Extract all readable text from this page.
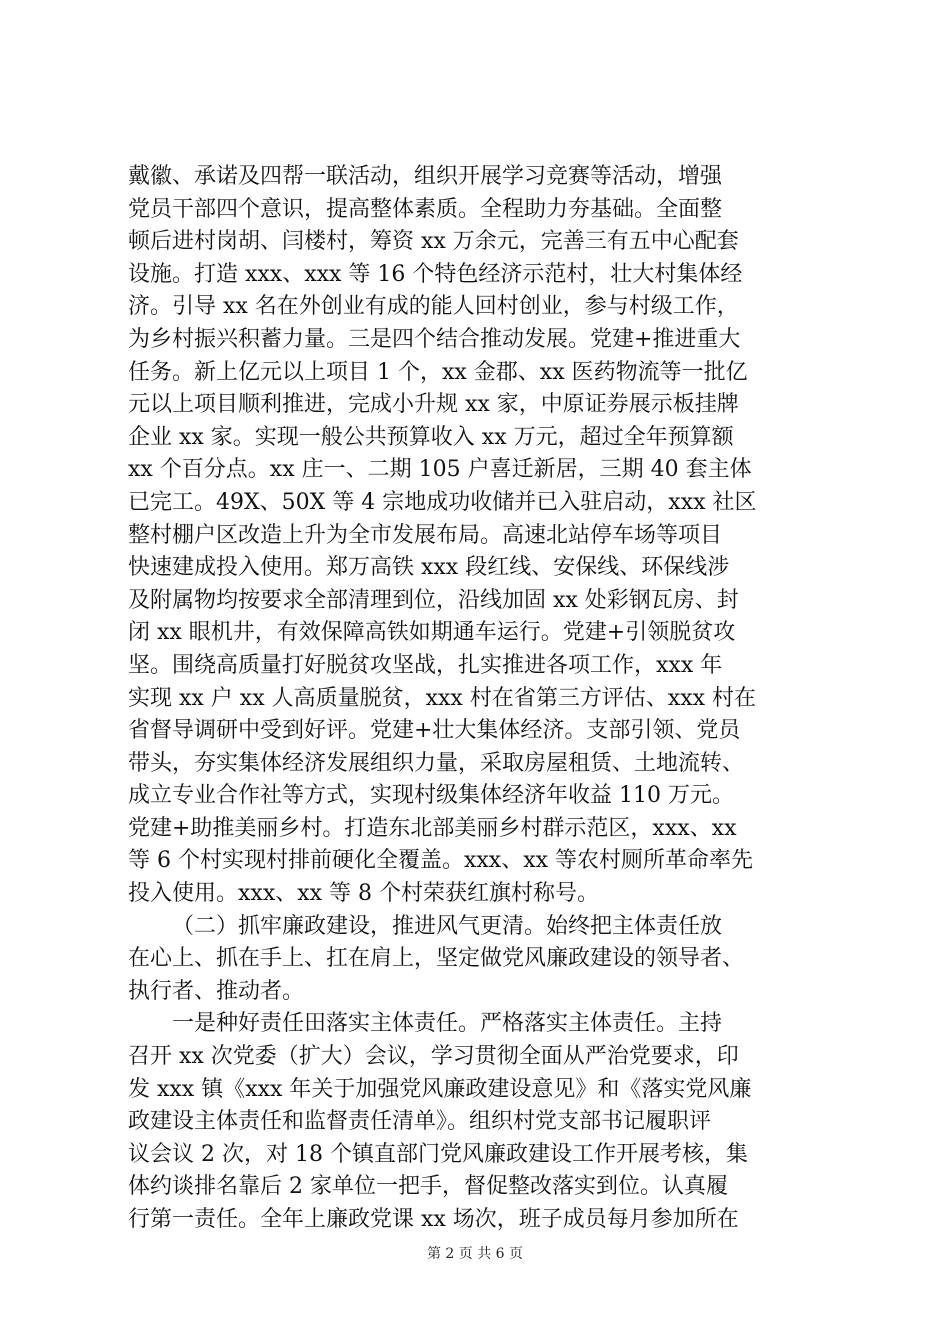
戴徽、承诺及四帮一联活动，组织开展学习竞赛等活动，增强
党员干部四个意识，提高整体素质。全程助力夯基础。全面整
顿后进村岗胡、闫楼村，筹资 xx 万余元，完善三有五中心配套
设施。打造 xxx、xxx 等 16 个特色经济示范村，壮大村集体经
济。引导 xx 名在外创业有成的能人回村创业，参与村级工作，
为乡村振兴积蓄力量。三是四个结合推动发展。党建+推进重大
任务。新上亿元以上项目 1 个，xx 金郡、xx 医药物流等一批亿
元以上项目顺利推进，完成小升规 xx 家，中原证券展示板挂牌
企业 xx 家。实现一般公共预算收入 xx 万元，超过全年预算额
xx 个百分点。xx 庄一、二期 105 户喜迁新居，三期 40 套主体
已完工。49X、50X 等 4 宗地成功收储并已入驻启动，xxx 社区
整村棚户区改造上升为全市发展布局。高速北站停车场等项目
快速建成投入使用。郑万高铁 xxx 段红线、安保线、环保线涉
及附属物均按要求全部清理到位，沿线加固 xx 处彩钢瓦房、封
闭 xx 眼机井，有效保障高铁如期通车运行。党建+引领脱贫攻
坚。围绕高质量打好脱贫攻坚战，扎实推进各项工作，xxx 年
实现 xx 户 xx 人高质量脱贫，xxx 村在省第三方评估、xxx 村在
省督导调研中受到好评。党建+壮大集体经济。支部引领、党员
带头，夯实集体经济发展组织力量，采取房屋租赁、土地流转、
成立专业合作社等方式，实现村级集体经济年收益 110 万元。
党建+助推美丽乡村。打造东北部美丽乡村群示范区，xxx、xx
等 6 个村实现村排前硬化全覆盖。xxx、xx 等农村厕所革命率先
投入使用。xxx、xx 等 8 个村荣获红旗村称号。
（二）抓牢廉政建设，推进风气更清。始终把主体责任放
在心上、抓在手上、扛在肩上，坚定做党风廉政建设的领导者、
执行者、推动者。
一是种好责任田落实主体责任。严格落实主体责任。主持
召开 xx 次党委（扩大）会议，学习贯彻全面从严治党要求，印
发 xxx 镇《xxx 年关于加强党风廉政建设意见》和《落实党风廉
政建设主体责任和监督责任清单》。组织村党支部书记履职评
议会议 2 次，对 18 个镇直部门党风廉政建设工作开展考核，集
体约谈排名靠后 2 家单位一把手，督促整改落实到位。认真履
行第一责任。全年上廉政党课 xx 场次，班子成员每月参加所在
第 2 页 共 6 页
